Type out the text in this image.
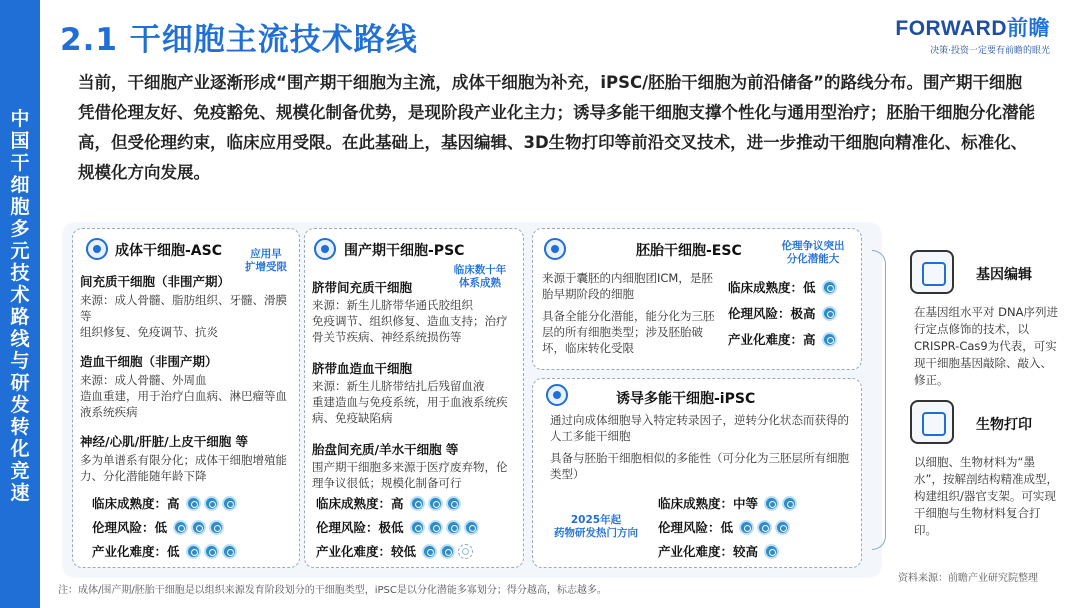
中国干细胞多元技术路线与研发转化竞速
2.1 干细胞主流技术路线	FORWARD前瞻
决策·投资一定要有前瞻的眼光
当前，干细胞产业逐渐形成“围产期干细胞为主流，成体干细胞为补充，iPSC/胚胎干细胞为前沿储备”的路线分布。围产期干细胞凭借伦理友好、免疫豁免、规模化制备优势，是现阶段产业化主力；诱导多能干细胞支撑个性化与通用型治疗；胚胎干细胞分化潜能高，但受伦理约束，临床应用受限。在此基础上，基因编辑、3D生物打印等前沿交叉技术，进一步推动干细胞向精准化、标准化、规模化方向发展。
成体干细胞-ASC	应用早
扩增受限
间充质干细胞（非围产期）
来源：成人骨髓、脂肪组织、牙髓、滑膜等
组织修复、免疫调节、抗炎
造血干细胞（非围产期）
来源：成人骨髓、外周血
造血重建，用于治疗白血病、淋巴瘤等血液系统疾病
神经/心肌/肝脏/上皮干细胞 等
多为单谱系有限分化；成体干细胞增殖能力、分化潜能随年龄下降
临床成熟度：高
伦理风险：低
产业化难度：低
围产期干细胞-PSC
临床数十年
体系成熟
脐带间充质干细胞
来源：新生儿脐带华通氏胶组织
免疫调节、组织修复、造血支持；治疗骨关节疾病、神经系统损伤等
脐带血造血干细胞
来源：新生儿脐带结扎后残留血液
重建造血与免疫系统，用于血液系统疾病、免疫缺陷病
胎盘间充质/羊水干细胞 等
围产期干细胞多来源于医疗废弃物，伦理争议很低；规模化制备可行
临床成熟度：高
伦理风险：极低
产业化难度：较低
胚胎干细胞-ESC	伦理争议突出
分化潜能大
来源于囊胚的内细胞团ICM，是胚胎早期阶段的细胞
具备全能分化潜能，能分化为三胚层的所有细胞类型；涉及胚胎破坏，临床转化受限
临床成熟度：低
伦理风险：极高
产业化难度：高
诱导多能干细胞-iPSC
通过向成体细胞导入特定转录因子，逆转分化状态而获得的人工多能干细胞
具备与胚胎干细胞相似的多能性（可分化为三胚层所有细胞类型）
2025年起
药物研发热门方向
临床成熟度：中等
伦理风险：低
产业化难度：较高
基因编辑
在基因组水平对 DNA序列进行定点修饰的技术，以 CRISPR-Cas9为代表，可实现干细胞基因敲除、敲入、修正。
生物打印
以细胞、生物材料为“墨水”，按解剖结构精准成型，构建组织/器官支架。可实现干细胞与生物材料复合打印。
注：成体/围产期/胚胎干细胞是以组织来源发育阶段划分的干细胞类型，iPSC是以分化潜能多寡划分；得分越高，标志越多。
资料来源：前瞻产业研究院整理
